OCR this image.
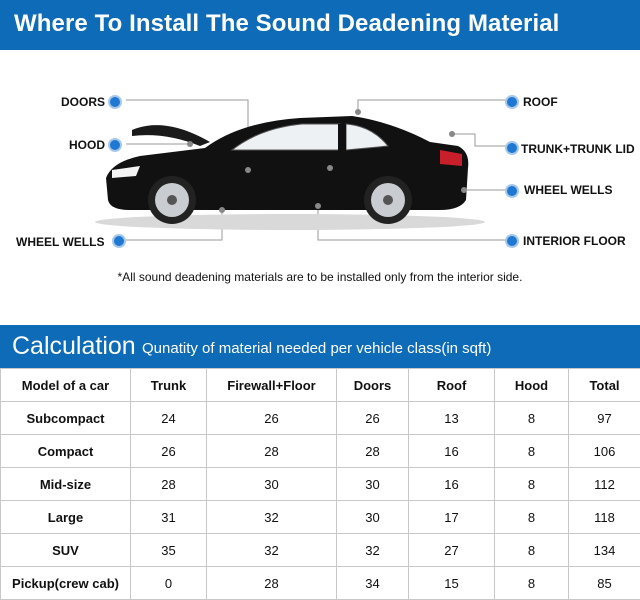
Where To Install The Sound Deadening Material
DOORS
HOOD
WHEEL WELLS
ROOF
TRUNK+TRUNK LID
WHEEL WELLS
INTERIOR FLOOR
*All sound deadening materials are to be installed only from the interior side.
Calculation Qunatity of material needed per vehicle class(in sqft)
Model of a car	Trunk	Firewall+Floor	Doors	Roof	Hood	Total
Subcompact	24	26	26	13	8	97
Compact	26	28	28	16	8	106
Mid-size	28	30	30	16	8	112
Large	31	32	30	17	8	118
SUV	35	32	32	27	8	134
Pickup(crew cab)	0	28	34	15	8	85
